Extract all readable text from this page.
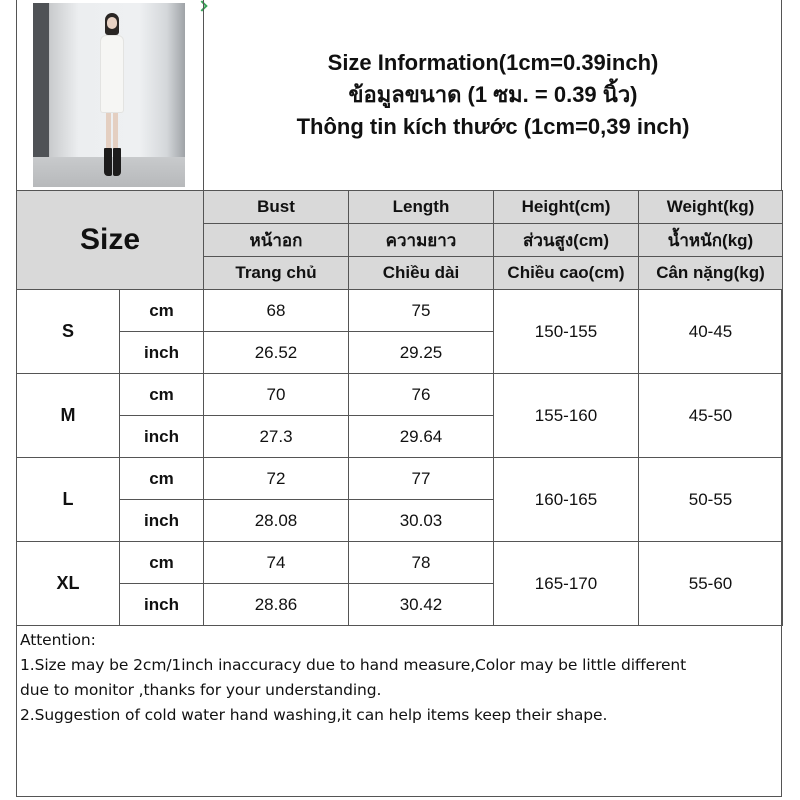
Size Information(1cm=0.39inch)
ข้อมูลขนาด (1 ซม. = 0.39 นิ้ว)
Thông tin kích thước (1cm=0,39 inch)
Size		Bust	Length	Height(cm)	Weight(kg)
		หน้าอก	ความยาว	ส่วนสูง(cm)	น้ำหนัก(kg)
		Trang chủ	Chiều dài	Chiều cao(cm)	Cân nặng(kg)
S	cm	68	75	150-155	40-45
	inch	26.52	29.25		
M	cm	70	76	155-160	45-50
	inch	27.3	29.64		
L	cm	72	77	160-165	50-55
	inch	28.08	30.03		
XL	cm	74	78	165-170	55-60
	inch	28.86	30.42		
Attention:
1.Size may be 2cm/1inch inaccuracy due to hand measure,Color may be little different
due to monitor ,thanks for your understanding.
2.Suggestion of cold water hand washing,it can help items keep their shape.
